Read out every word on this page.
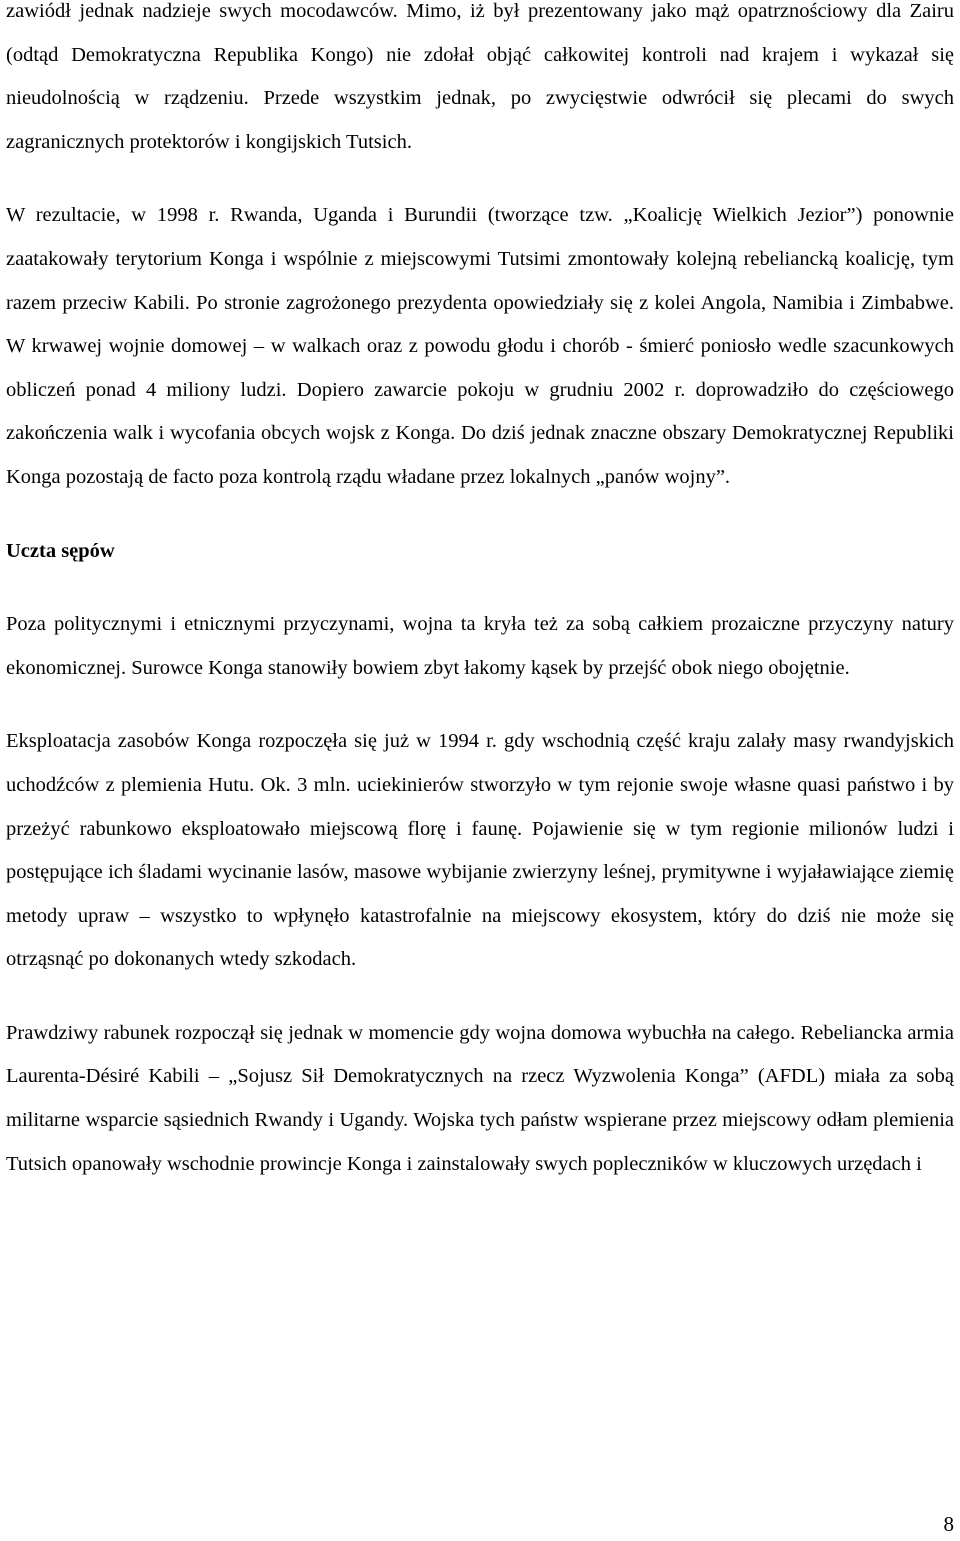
zawiódł jednak nadzieje swych mocodawców. Mimo, iż był prezentowany jako mąż opatrznościowy dla Zairu (odtąd Demokratyczna Republika Kongo) nie zdołał objąć całkowitej kontroli nad krajem i wykazał się nieudolnością w rządzeniu. Przede wszystkim jednak, po zwycięstwie odwrócił się plecami do swych zagranicznych protektorów i kongijskich Tutsich.

W rezultacie, w 1998 r. Rwanda, Uganda i Burundii (tworzące tzw. „Koalicję Wielkich Jezior”) ponownie zaatakowały terytorium Konga i wspólnie z miejscowymi Tutsimi zmontowały kolejną rebeliancką koalicję, tym razem przeciw Kabili. Po stronie zagrożonego prezydenta opowiedziały się z kolei Angola, Namibia i Zimbabwe. W krwawej wojnie domowej – w walkach oraz z powodu głodu i chorób - śmierć poniosło wedle szacunkowych obliczeń ponad 4 miliony ludzi. Dopiero zawarcie pokoju w grudniu 2002 r. doprowadziło do częściowego zakończenia walk i wycofania obcych wojsk z Konga. Do dziś jednak znaczne obszary Demokratycznej Republiki Konga pozostają de facto poza kontrolą rządu władane przez lokalnych „panów wojny”.

Uczta sępów

Poza politycznymi i etnicznymi przyczynami, wojna ta kryła też za sobą całkiem prozaiczne przyczyny natury ekonomicznej. Surowce Konga stanowiły bowiem zbyt łakomy kąsek by przejść obok niego obojętnie.

Eksploatacja zasobów Konga rozpoczęła się już w 1994 r. gdy wschodnią część kraju zalały masy rwandyjskich uchodźców z plemienia Hutu. Ok. 3 mln. uciekinierów stworzyło w tym rejonie swoje własne quasi państwo i by przeżyć rabunkowo eksploatowało miejscową florę i faunę. Pojawienie się w tym regionie milionów ludzi i postępujące ich śladami wycinanie lasów, masowe wybijanie zwierzyny leśnej, prymitywne i wyjaławiające ziemię metody upraw – wszystko to wpłynęło katastrofalnie na miejscowy ekosystem, który do dziś nie może się otrząsnąć po dokonanych wtedy szkodach.

Prawdziwy rabunek rozpoczął się jednak w momencie gdy wojna domowa wybuchła na całego. Rebeliancka armia Laurenta-Désiré Kabili – „Sojusz Sił Demokratycznych na rzecz Wyzwolenia Konga” (AFDL) miała za sobą militarne wsparcie sąsiednich Rwandy i Ugandy. Wojska tych państw wspierane przez miejscowy odłam plemienia Tutsich opanowały wschodnie prowincje Konga i zainstalowały swych popleczników w kluczowych urzędach i

8
